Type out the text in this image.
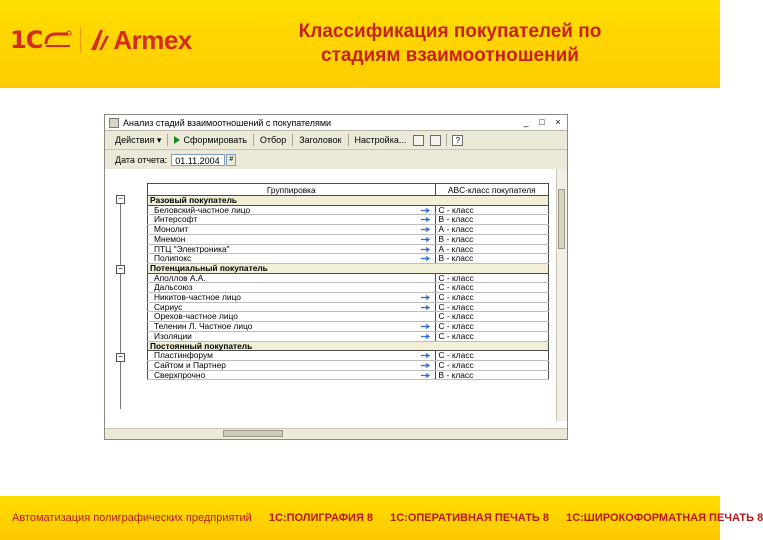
1С	Armex	Классификация покупателей по
стадиям взаимоотношений
Анализ стадий взаимоотношений с покупателями	_	□	×
Действия ▾	Сформировать	Отбор	Заголовок	Настройка...	?
Дата отчета: 01.11.2004	#
−
−
−
Группировка	ABC-класс покупателя
Разовый покупатель	
Беловский-частное лицо	С - класс
Интерсофт	В - класс
Монолит	А - класс
Мнемон	В - класс
ПТЦ "Электроника"	А - класс
Полипокс	В - класс
Потенциальный покупатель	
Аполлов А.А.	С - класс
Дальсоюз	С - класс
Никитов-частное лицо	С - класс
Сириус	С - класс
Орехов-частное лицо	С - класс
Теленин Л. Частное лицо	С - класс
Изоляции	С - класс
Постоянный покупатель	
Пластинфорум	С - класс
Сайтом и Партнер	С - класс
Сверхпрочно	В - класс
Автоматизация полиграфических предприятий 1С:ПОЛИГРАФИЯ 8 1С:ОПЕРАТИВНАЯ ПЕЧАТЬ 8 1С:ШИРОКОФОРМАТНАЯ ПЕЧАТЬ 8
